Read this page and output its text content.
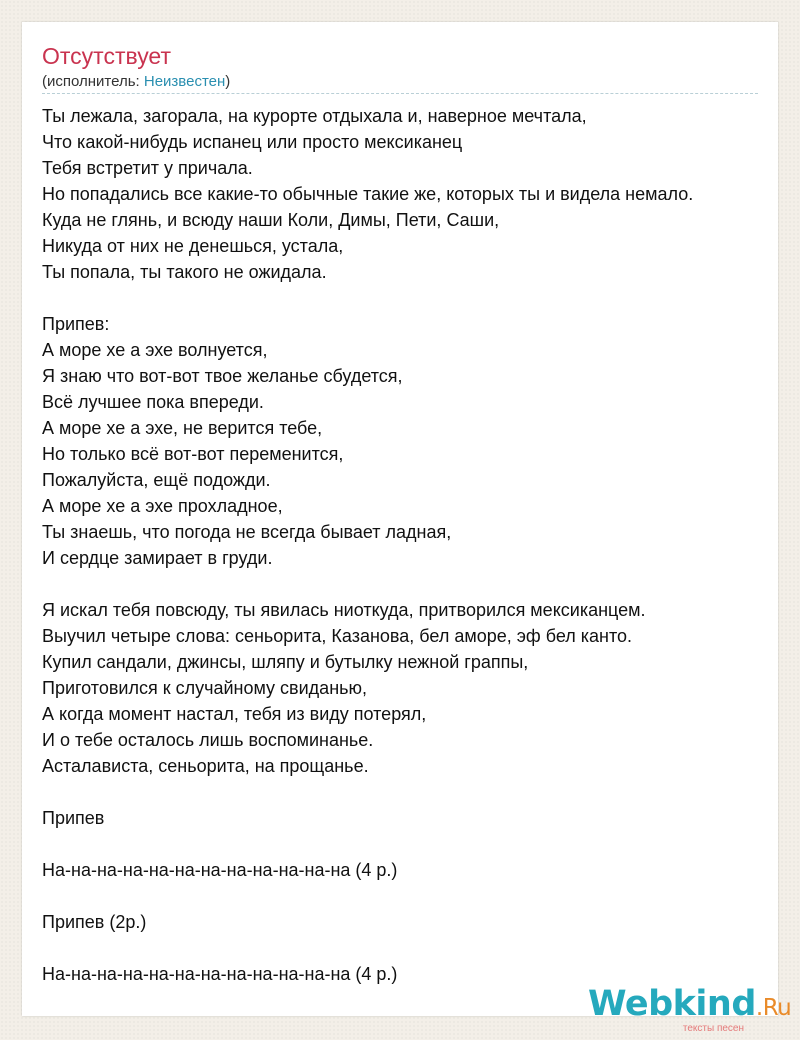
Отсутствует
(исполнитель: Неизвестен)
Ты лежала, загорала, на курорте отдыхала и, наверное мечтала,
Что какой-нибудь испанец или просто мексиканец
Тебя встретит у причала.
Но попадались все какие-то обычные такие же, которых ты и видела немало.
Куда не глянь, и всюду наши Коли, Димы, Пети, Саши,
Никуда от них не денешься, устала,
Ты попала, ты такого не ожидала.
Припев:
А море хе а эхе волнуется,
Я знаю что вот-вот твое желанье сбудется,
Всё лучшее пока впереди.
А море хе а эхе, не верится тебе,
Но только всё вот-вот переменится,
Пожалуйста, ещё подожди.
А море хе а эхе прохладное,
Ты знаешь, что погода не всегда бывает ладная,
И сердце замирает в груди.
Я искал тебя повсюду, ты явилась ниоткуда, притворился мексиканцем.
Выучил четыре слова: сеньорита, Казанова, бел аморе, эф бел канто.
Купил сандали, джинсы, шляпу и бутылку нежной граппы,
Приготовился к случайному свиданью,
А когда момент настал, тебя из виду потерял,
И о тебе осталось лишь воспоминанье.
Асталависта, сеньорита, на прощанье.
Припев
На-на-на-на-на-на-на-на-на-на-на-на (4 р.)
Припев (2р.)
На-на-на-на-на-на-на-на-на-на-на-на (4 р.)
Webkind.Ru
тексты песен
